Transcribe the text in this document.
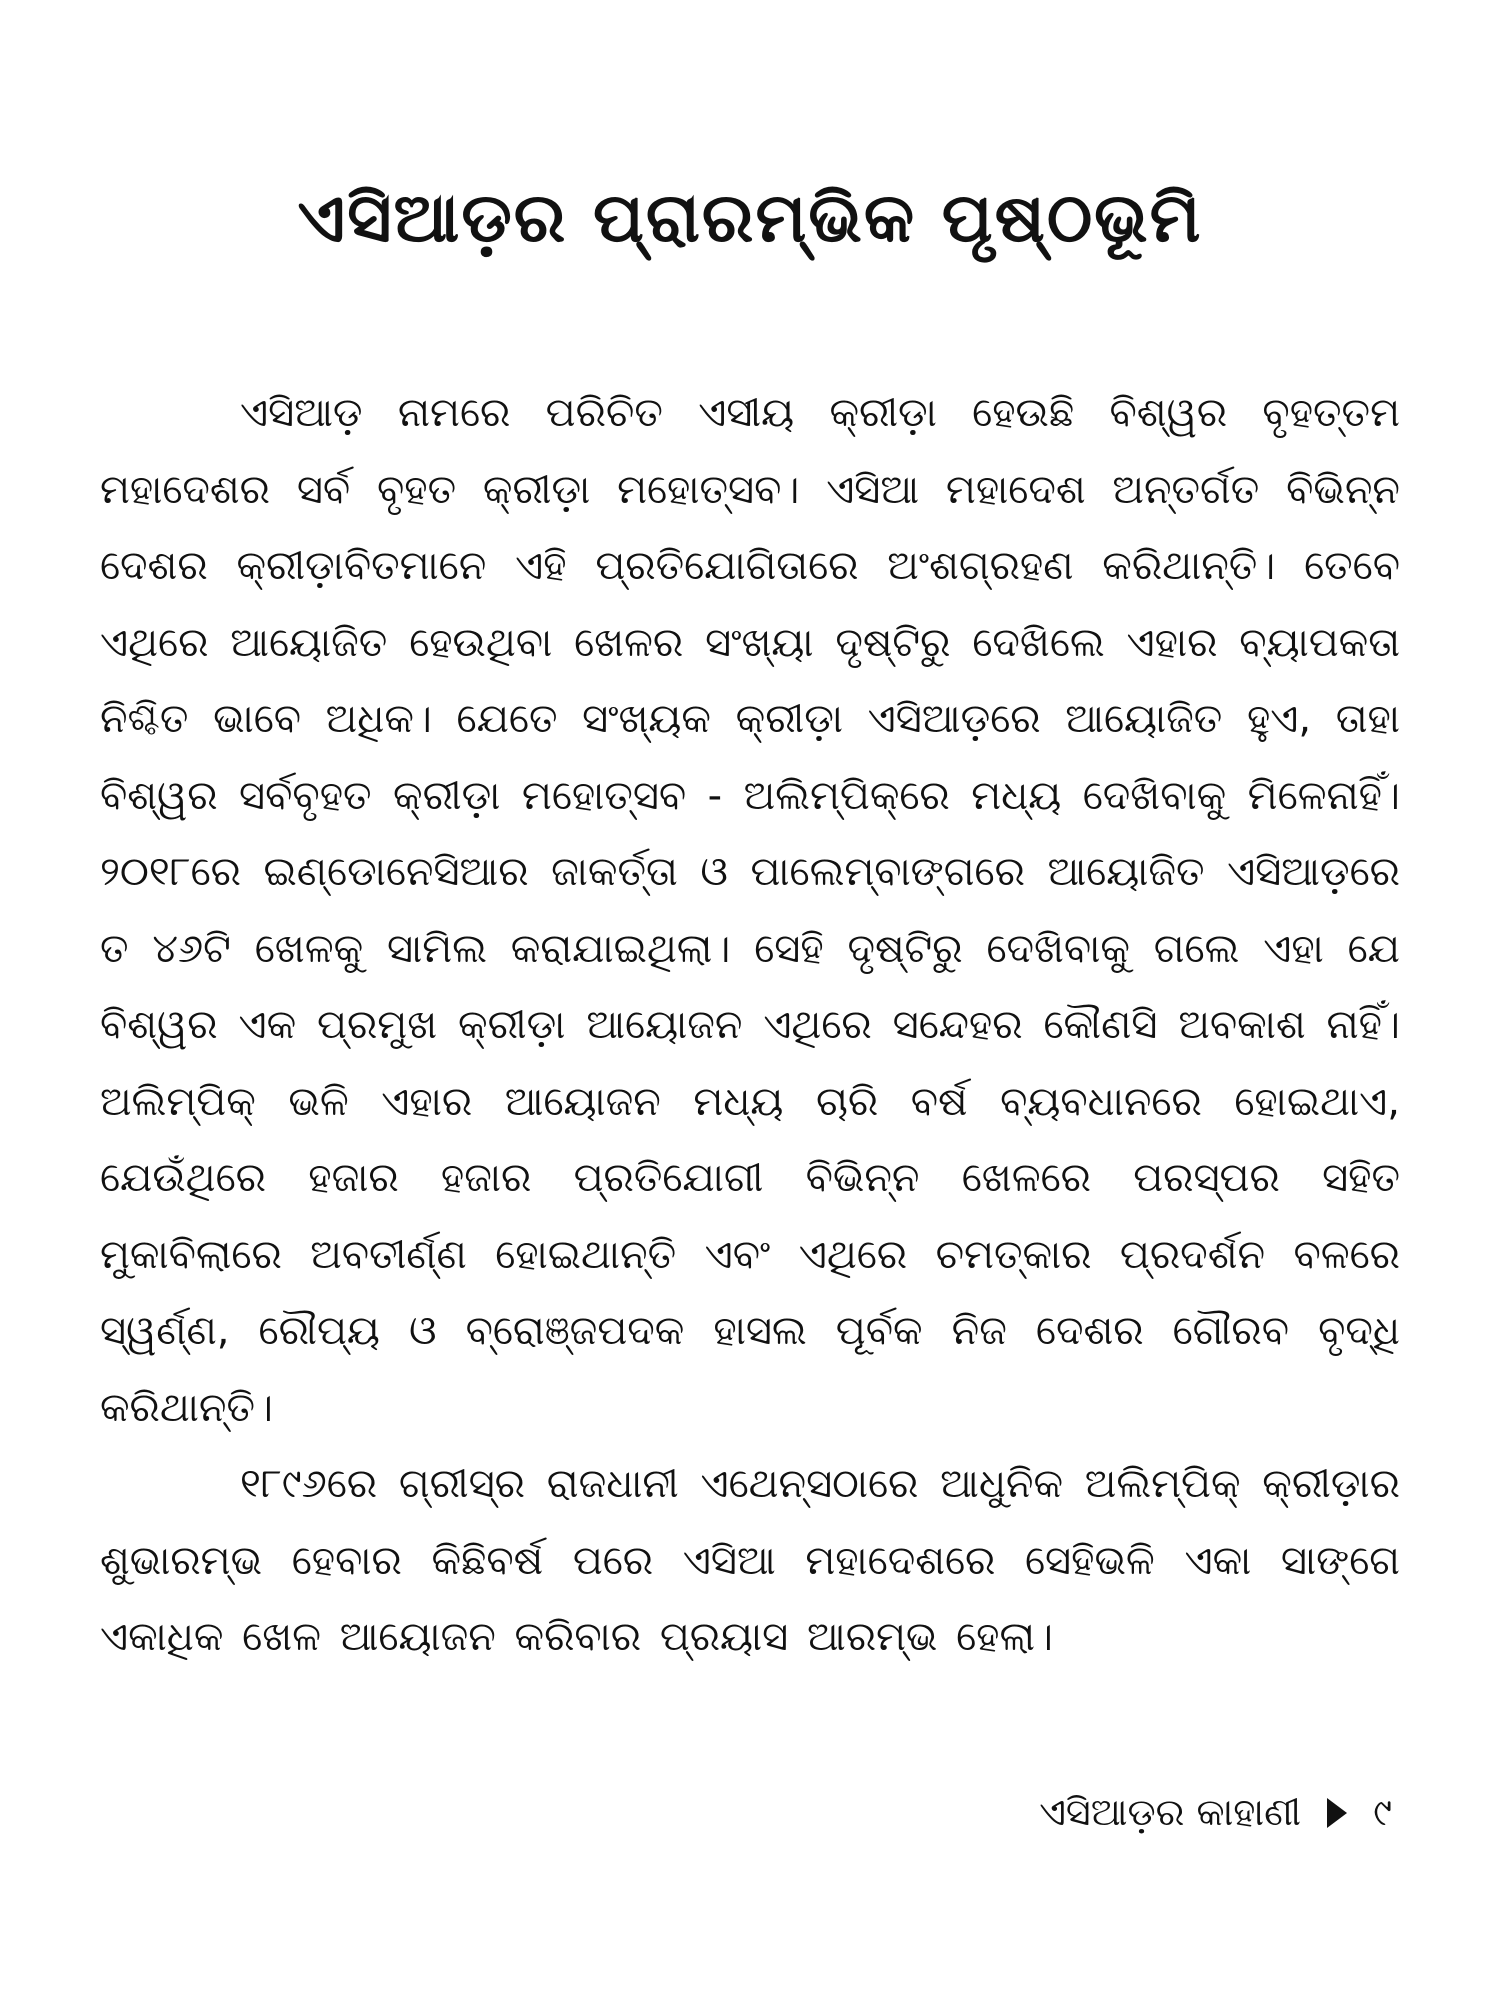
ଏସିଆଡ଼ର ପ୍ରାରମ୍ଭିକ ପୃଷ୍ଠଭୂମି

ଏସିଆଡ଼ ନାମରେ ପରିଚିତ ଏସୀୟ କ୍ରୀଡ଼ା ହେଉଛି ବିଶ୍ୱର ବୃହତ୍ତମ ମହାଦେଶର ସର୍ବ ବୃହତ କ୍ରୀଡ଼ା ମହୋତ୍ସବ। ଏସିଆ ମହାଦେଶ ଅନ୍ତର୍ଗତ ବିଭିନ୍ନ ଦେଶର କ୍ରୀଡ଼ାବିତମାନେ ଏହି ପ୍ରତିଯୋଗିତାରେ ଅଂଶଗ୍ରହଣ କରିଥାନ୍ତି। ତେବେ ଏଥିରେ ଆୟୋଜିତ ହେଉଥିବା ଖେଳର ସଂଖ୍ୟା ଦୃଷ୍ଟିରୁ ଦେଖିଲେ ଏହାର ବ୍ୟାପକତା ନିଶ୍ଚିତ ଭାବେ ଅଧିକ। ଯେତେ ସଂଖ୍ୟକ କ୍ରୀଡ଼ା ଏସିଆଡ଼ରେ ଆୟୋଜିତ ହୁଏ, ତାହା ବିଶ୍ୱର ସର୍ବବୃହତ କ୍ରୀଡ଼ା ମହୋତ୍ସବ - ଅଲିମ୍ପିକ୍‌ରେ ମଧ୍ୟ ଦେଖିବାକୁ ମିଳେନାହିଁ। ୨୦୧୮ରେ ଇଣ୍ଡୋନେସିଆର ଜାକର୍ତ୍ତା ଓ ପାଲେମ୍ବାଙ୍ଗରେ ଆୟୋଜିତ ଏସିଆଡ଼ରେ ତ ୪୬ଟି ଖେଳକୁ ସାମିଲ କରାଯାଇଥିଲା। ସେହି ଦୃଷ୍ଟିରୁ ଦେଖିବାକୁ ଗଲେ ଏହା ଯେ ବିଶ୍ୱର ଏକ ପ୍ରମୁଖ କ୍ରୀଡ଼ା ଆୟୋଜନ ଏଥିରେ ସନ୍ଦେହର କୌଣସି ଅବକାଶ ନାହିଁ। ଅଲିମ୍ପିକ୍ ଭଳି ଏହାର ଆୟୋଜନ ମଧ୍ୟ ଚାରି ବର୍ଷ ବ୍ୟବଧାନରେ ହୋଇଥାଏ, ଯେଉଁଥିରେ ହଜାର ହଜାର ପ୍ରତିଯୋଗୀ ବିଭିନ୍ନ ଖେଳରେ ପରସ୍ପର ସହିତ ମୁକାବିଲାରେ ଅବତୀର୍ଣ୍ଣ ହୋଇଥାନ୍ତି ଏବଂ ଏଥିରେ ଚମତ୍କାର ପ୍ରଦର୍ଶନ ବଳରେ ସ୍ୱର୍ଣ୍ଣ, ରୌପ୍ୟ ଓ ବ୍ରୋଞ୍ଜପଦକ ହାସଲ ପୂର୍ବକ ନିଜ ଦେଶର ଗୌରବ ବୃଦ୍ଧି କରିଥାନ୍ତି।

୧୮୯୬ରେ ଗ୍ରୀସ୍‌ର ରାଜଧାନୀ ଏଥେନ୍ସଠାରେ ଆଧୁନିକ ଅଲିମ୍ପିକ୍ କ୍ରୀଡ଼ାର ଶୁଭାରମ୍ଭ ହେବାର କିଛିବର୍ଷ ପରେ ଏସିଆ ମହାଦେଶରେ ସେହିଭଳି ଏକା ସାଙ୍ଗେ ଏକାଧିକ ଖେଳ ଆୟୋଜନ କରିବାର ପ୍ରୟାସ ଆରମ୍ଭ ହେଲା।

ଏସିଆଡ଼ର କାହାଣୀ ୯
